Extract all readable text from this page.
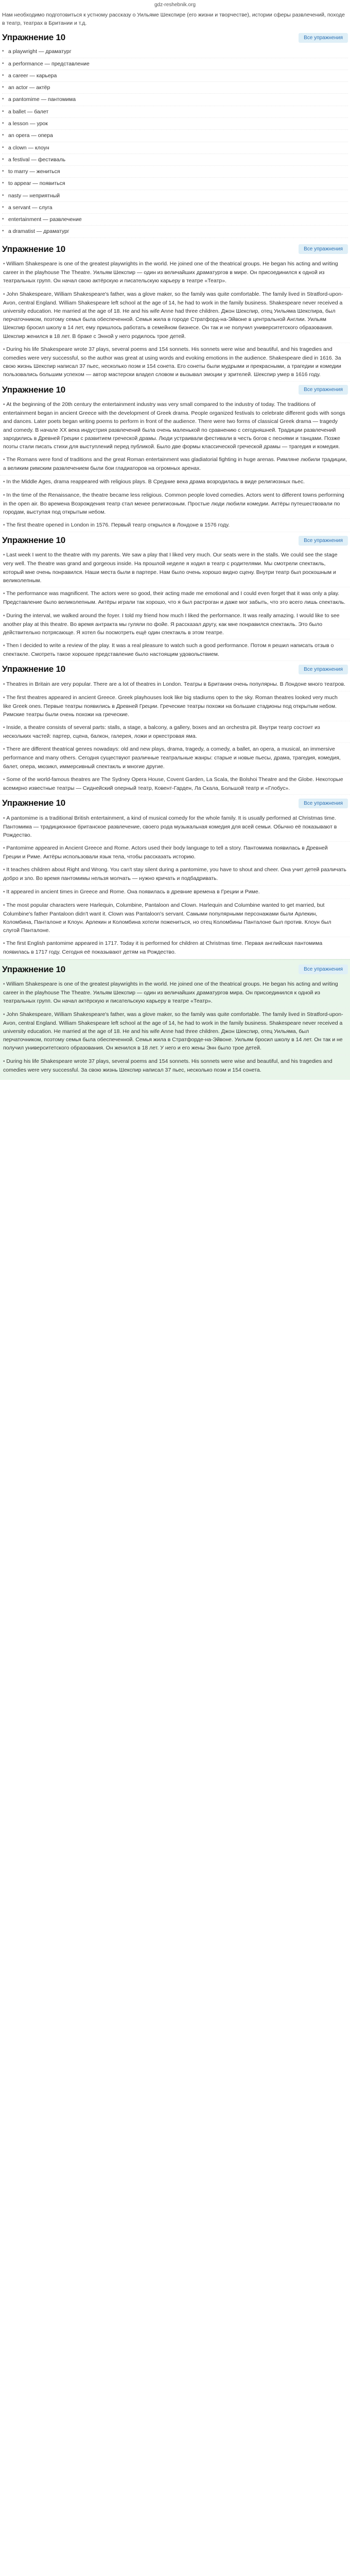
gdz-reshebnik.org
Нам необходимо подготовиться к устному рассказу о Уильяме Шекспире (его жизни и творчестве), истории сферы развлечений, походе в театр, театрах в Британии и т.д.
Упражнение 10	Все упражнения
• a playwright — драматург
• a performance — представление
• a career — карьера
• an actor — актёр
• a pantomime — пантомима
• a ballet — балет
• a lesson — урок
• an opera — опера
• a clown — клоун
• a festival — фестиваль
• to marry — жениться
• to appear — появиться
• nasty — неприятный
• a servant — слуга
• entertainment — развлечение
• a dramatist — драматург
Упражнение 10	Все упражнения
• William Shakespeare is one of the greatest playwrights in the world. He joined one of the theatrical groups. He began his acting and writing career in the playhouse The Theatre. Уильям Шекспир — один из величайших драматургов в мире. Он присоединился к одной из театральных групп. Он начал свою актёрскую и писательскую карьеру в театре «Театр».
• John Shakespeare, William Shakespeare's father, was a glove maker, so the family was quite comfortable. The family lived in Stratford-upon-Avon, central England. William Shakespeare left school at the age of 14, he had to work in the family business. Shakespeare never received a university education. He married at the age of 18. He and his wife Anne had three children. Джон Шекспир, отец Уильяма Шекспира, был перчаточником, поэтому семья была обеспеченной. Семья жила в городе Стратфорд-на-Эйвоне в центральной Англии. Уильям Шекспир бросил школу в 14 лет, ему пришлось работать в семейном бизнесе. Он так и не получил университетского образования. Шекспир женился в 18 лет. В браке с Энной у него родилось трое детей.
• During his life Shakespeare wrote 37 plays, several poems and 154 sonnets. His sonnets were wise and beautiful, and his tragedies and comedies were very successful, so the author was great at using words and evoking emotions in the audience. Shakespeare died in 1616. За свою жизнь Шекспир написал 37 пьес, несколько поэм и 154 сонета. Его сонеты были мудрыми и прекрасными, а трагедии и комедии пользовались большим успехом — автор мастерски владел словом и вызывал эмоции у зрителей. Шекспир умер в 1616 году.
Упражнение 10	Все упражнения
• At the beginning of the 20th century the entertainment industry was very small compared to the industry of today. The traditions of entertainment began in ancient Greece with the development of Greek drama. People organized festivals to celebrate different gods with songs and dances. Later poets began writing poems to perform in front of the audience. There were two forms of classical Greek drama — tragedy and comedy. В начале XX века индустрия развлечений была очень маленькой по сравнению с сегодняшней. Традиции развлечений зародились в Древней Греции с развитием греческой драмы. Люди устраивали фестивали в честь богов с песнями и танцами. Позже поэты стали писать стихи для выступлений перед публикой. Было две формы классической греческой драмы — трагедия и комедия.
• The Romans were fond of traditions and the great Roman entertainment was gladiatorial fighting in huge arenas. Римляне любили традиции, а великим римским развлечением были бои гладиаторов на огромных аренах.
• In the Middle Ages, drama reappeared with religious plays. В Средние века драма возродилась в виде религиозных пьес.
• In the time of the Renaissance, the theatre became less religious. Common people loved comedies. Actors went to different towns performing in the open air. Во времена Возрождения театр стал менее религиозным. Простые люди любили комедии. Актёры путешествовали по городам, выступая под открытым небом.
• The first theatre opened in London in 1576. Первый театр открылся в Лондоне в 1576 году.
Упражнение 10	Все упражнения
• Last week I went to the theatre with my parents. We saw a play that I liked very much. Our seats were in the stalls. We could see the stage very well. The theatre was grand and gorgeous inside. На прошлой неделе я ходил в театр с родителями. Мы смотрели спектакль, который мне очень понравился. Наши места были в партере. Нам было очень хорошо видно сцену. Внутри театр был роскошным и великолепным.
• The performance was magnificent. The actors were so good, their acting made me emotional and I could even forget that it was only a play. Представление было великолепным. Актёры играли так хорошо, что я был растроган и даже мог забыть, что это всего лишь спектакль.
• During the interval, we walked around the foyer. I told my friend how much I liked the performance. It was really amazing. I would like to see another play at this theatre. Во время антракта мы гуляли по фойе. Я рассказал другу, как мне понравился спектакль. Это было действительно потрясающе. Я хотел бы посмотреть ещё один спектакль в этом театре.
• Then I decided to write a review of the play. It was a real pleasure to watch such a good performance. Потом я решил написать отзыв о спектакле. Смотреть такое хорошее представление было настоящим удовольствием.
Упражнение 10	Все упражнения
• Theatres in Britain are very popular. There are a lot of theatres in London. Театры в Британии очень популярны. В Лондоне много театров.
• The first theatres appeared in ancient Greece. Greek playhouses look like big stadiums open to the sky. Roman theatres looked very much like Greek ones. Первые театры появились в Древней Греции. Греческие театры похожи на большие стадионы под открытым небом. Римские театры были очень похожи на греческие.
• Inside, a theatre consists of several parts: stalls, a stage, a balcony, a gallery, boxes and an orchestra pit. Внутри театр состоит из нескольких частей: партер, сцена, балкон, галерея, ложи и оркестровая яма.
• There are different theatrical genres nowadays: old and new plays, drama, tragedy, a comedy, a ballet, an opera, a musical, an immersive performance and many others. Сегодня существуют различные театральные жанры: старые и новые пьесы, драма, трагедия, комедия, балет, опера, мюзикл, иммерсивный спектакль и многие другие.
• Some of the world-famous theatres are The Sydney Opera House, Covent Garden, La Scala, the Bolshoi Theatre and the Globe. Некоторые всемирно известные театры — Сиднейский оперный театр, Ковент-Гарден, Ла Скала, Большой театр и «Глобус».
Упражнение 10	Все упражнения
• A pantomime is a traditional British entertainment, a kind of musical comedy for the whole family. It is usually performed at Christmas time. Пантомима — традиционное британское развлечение, своего рода музыкальная комедия для всей семьи. Обычно её показывают в Рождество.
• Pantomime appeared in Ancient Greece and Rome. Actors used their body language to tell a story. Пантомима появилась в Древней Греции и Риме. Актёры использовали язык тела, чтобы рассказать историю.
• It teaches children about Right and Wrong. You can't stay silent during a pantomime, you have to shout and cheer. Она учит детей различать добро и зло. Во время пантомимы нельзя молчать — нужно кричать и подбадривать.
• It appeared in ancient times in Greece and Rome. Она появилась в древние времена в Греции и Риме.
• The most popular characters were Harlequin, Columbine, Pantaloon and Clown. Harlequin and Columbine wanted to get married, but Columbine's father Pantaloon didn't want it. Clown was Pantaloon's servant. Самыми популярными персонажами были Арлекин, Коломбина, Панталоне и Клоун. Арлекин и Коломбина хотели пожениться, но отец Коломбины Панталоне был против. Клоун был слугой Панталоне.
• The first English pantomime appeared in 1717. Today it is performed for children at Christmas time. Первая английская пантомима появилась в 1717 году. Сегодня её показывают детям на Рождество.
Упражнение 10	Все упражнения
• William Shakespeare is one of the greatest playwrights in the world. He joined one of the theatrical groups. He began his acting and writing career in the playhouse The Theatre. Уильям Шекспир — один из величайших драматургов мира. Он присоединился к одной из театральных групп. Он начал актёрскую и писательскую карьеру в театре «Театр».
• John Shakespeare, William Shakespeare's father, was a glove maker, so the family was quite comfortable. The family lived in Stratford-upon-Avon, central England. William Shakespeare left school at the age of 14, he had to work in the family business. Shakespeare never received a university education. He married at the age of 18. He and his wife Anne had three children. Джон Шекспир, отец Уильяма, был перчаточником, поэтому семья была обеспеченной. Семья жила в Стратфорде-на-Эйвоне. Уильям бросил школу в 14 лет. Он так и не получил университетского образования. Он женился в 18 лет. У него и его жены Энн было трое детей.
• During his life Shakespeare wrote 37 plays, several poems and 154 sonnets. His sonnets were wise and beautiful, and his tragedies and comedies were very successful. За свою жизнь Шекспир написал 37 пьес, несколько поэм и 154 сонета.
